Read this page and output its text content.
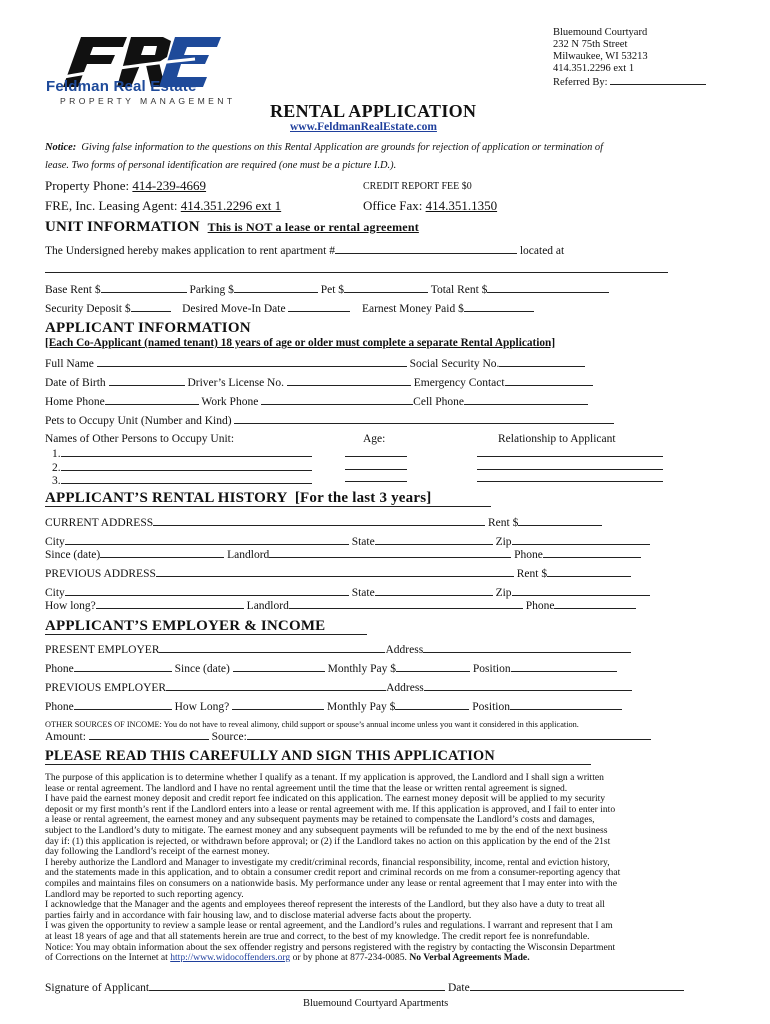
Feldman Real Estate
PROPERTY MANAGEMENT
Bluemound Courtyard
232 N 75th Street
Milwaukee, WI 53213
414.351.2296 ext 1
Referred By:
RENTAL APPLICATION
www.FeldmanRealEstate.com
Notice: Giving false information to the questions on this Rental Application are grounds for rejection of application or termination of
lease. Two forms of personal identification are required (one must be a picture I.D.).
Property Phone: 414-239-4669	CREDIT REPORT FEE $0
FRE, Inc. Leasing Agent: 414.351.2296 ext 1	Office Fax: 414.351.1350
UNIT INFORMATION This is NOT a lease or rental agreement
The Undersigned hereby makes application to rent apartment #	located at
Base Rent $	Parking $	Pet $	Total Rent $
Security Deposit $	Desired Move-In Date	Earnest Money Paid $
APPLICANT INFORMATION
[Each Co-Applicant (named tenant) 18 years of age or older must complete a separate Rental Application]
Full Name	Social Security No.
Date of Birth	Driver’s License No.	Emergency Contact
Home Phone	Work Phone	Cell Phone
Pets to Occupy Unit (Number and Kind)
Names of Other Persons to Occupy Unit:	Age:	Relationship to Applicant
1.
2.
3.
APPLICANT’S RENTAL HISTORY [For the last 3 years]
CURRENT ADDRESS	Rent $
City	State	Zip
Since (date)	Landlord	Phone
PREVIOUS ADDRESS	Rent $
City	State	Zip
How long?	Landlord	Phone
APPLICANT’S EMPLOYER & INCOME
PRESENT EMPLOYER	Address
Phone	Since (date)	Monthly Pay $	Position
PREVIOUS EMPLOYER	Address
Phone	How Long?	Monthly Pay $	Position
OTHER SOURCES OF INCOME: You do not have to reveal alimony, child support or spouse’s annual income unless you want it considered in this application.
Amount:	Source:
PLEASE READ THIS CAREFULLY AND SIGN THIS APPLICATION
The purpose of this application is to determine whether I qualify as a tenant. If my application is approved, the Landlord and I shall sign a written
lease or rental agreement. The landlord and I have no rental agreement until the time that the lease or written rental agreement is signed.
I have paid the earnest money deposit and credit report fee indicated on this application. The earnest money deposit will be applied to my security
deposit or my first month’s rent if the Landlord enters into a lease or rental agreement with me. If this application is approved, and I fail to enter into
a lease or rental agreement, the earnest money and any subsequent payments may be retained to compensate the Landlord’s costs and damages,
subject to the Landlord’s duty to mitigate. The earnest money and any subsequent payments will be refunded to me by the end of the next business
day if: (1) this application is rejected, or withdrawn before approval; or (2) if the Landlord takes no action on this application by the end of the 21st
day following the Landlord’s receipt of the earnest money.
I hereby authorize the Landlord and Manager to investigate my credit/criminal records, financial responsibility, income, rental and eviction history,
and the statements made in this application, and to obtain a consumer credit report and criminal records on me from a consumer-reporting agency that
compiles and maintains files on consumers on a nationwide basis. My performance under any lease or rental agreement that I may enter into with the
Landlord may be reported to such reporting agency.
I acknowledge that the Manager and the agents and employees thereof represent the interests of the Landlord, but they also have a duty to treat all
parties fairly and in accordance with fair housing law, and to disclose material adverse facts about the property.
I was given the opportunity to review a sample lease or rental agreement, and the Landlord’s rules and regulations. I warrant and represent that I am
at least 18 years of age and that all statements herein are true and correct, to the best of my knowledge. The credit report fee is nonrefundable.
Notice: You may obtain information about the sex offender registry and persons registered with the registry by contacting the Wisconsin Department
of Corrections on the Internet at http://www.widocoffenders.org or by phone at 877-234-0085. No Verbal Agreements Made.
Signature of Applicant	Date
Bluemound Courtyard Apartments
